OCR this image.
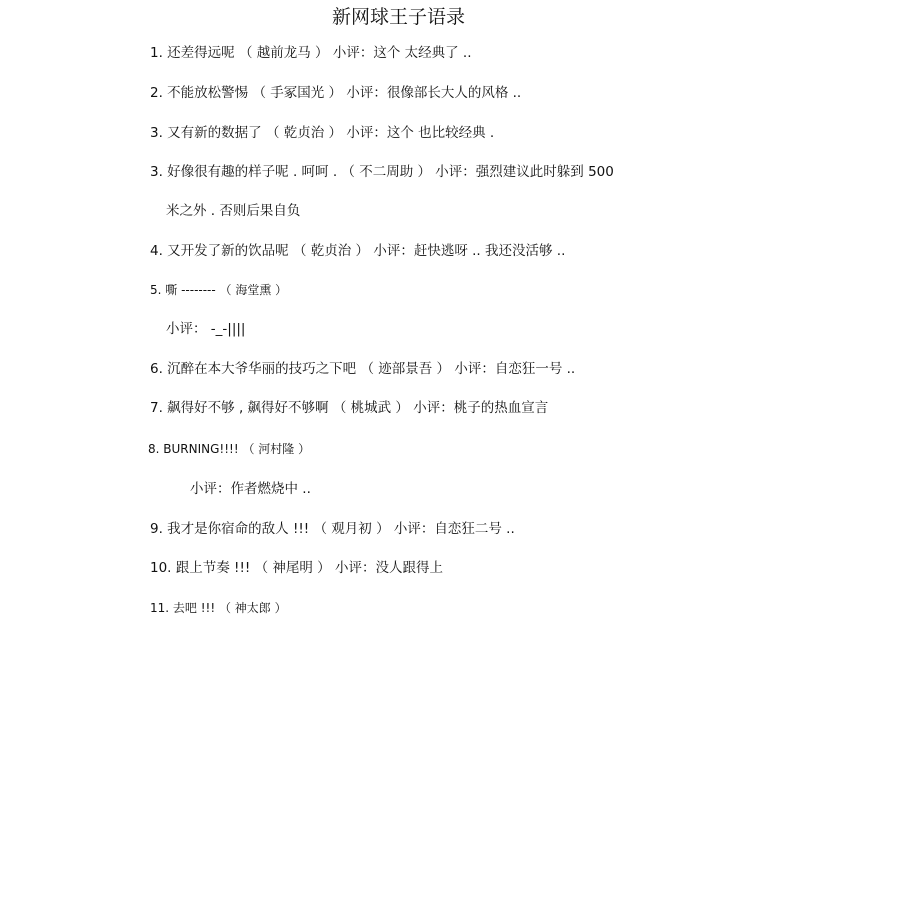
新网球王子语录
1. 还差得远呢 （ 越前龙马 ） 小评：这个 太经典了 ..
2. 不能放松警惕 （ 手冢国光 ） 小评：很像部长大人的风格 ..
3. 又有新的数据了 （ 乾贞治 ） 小评：这个 也比较经典 .
3. 好像很有趣的样子呢 . 呵呵 . （ 不二周助 ） 小评：强烈建议此时躲到 500
米之外 . 否则后果自负
4. 又开发了新的饮品呢 （ 乾贞治 ） 小评：赶快逃呀 .. 我还没活够 ..
5. 嘶 -------- （ 海堂熏 ）
小评： -_-||||
6. 沉醉在本大爷华丽的技巧之下吧 （ 迹部景吾 ） 小评：自恋狂一号 ..
7. 飙得好不够 , 飙得好不够啊 （ 桃城武 ） 小评：桃子的热血宣言
8. BURNING!!!! （ 河村隆 ）
小评：作者燃烧中 ..
9. 我才是你宿命的敌人 !!! （ 观月初 ） 小评：自恋狂二号 ..
10. 跟上节奏 !!! （ 神尾明 ） 小评：没人跟得上
11. 去吧 !!! （ 神太郎 ）
